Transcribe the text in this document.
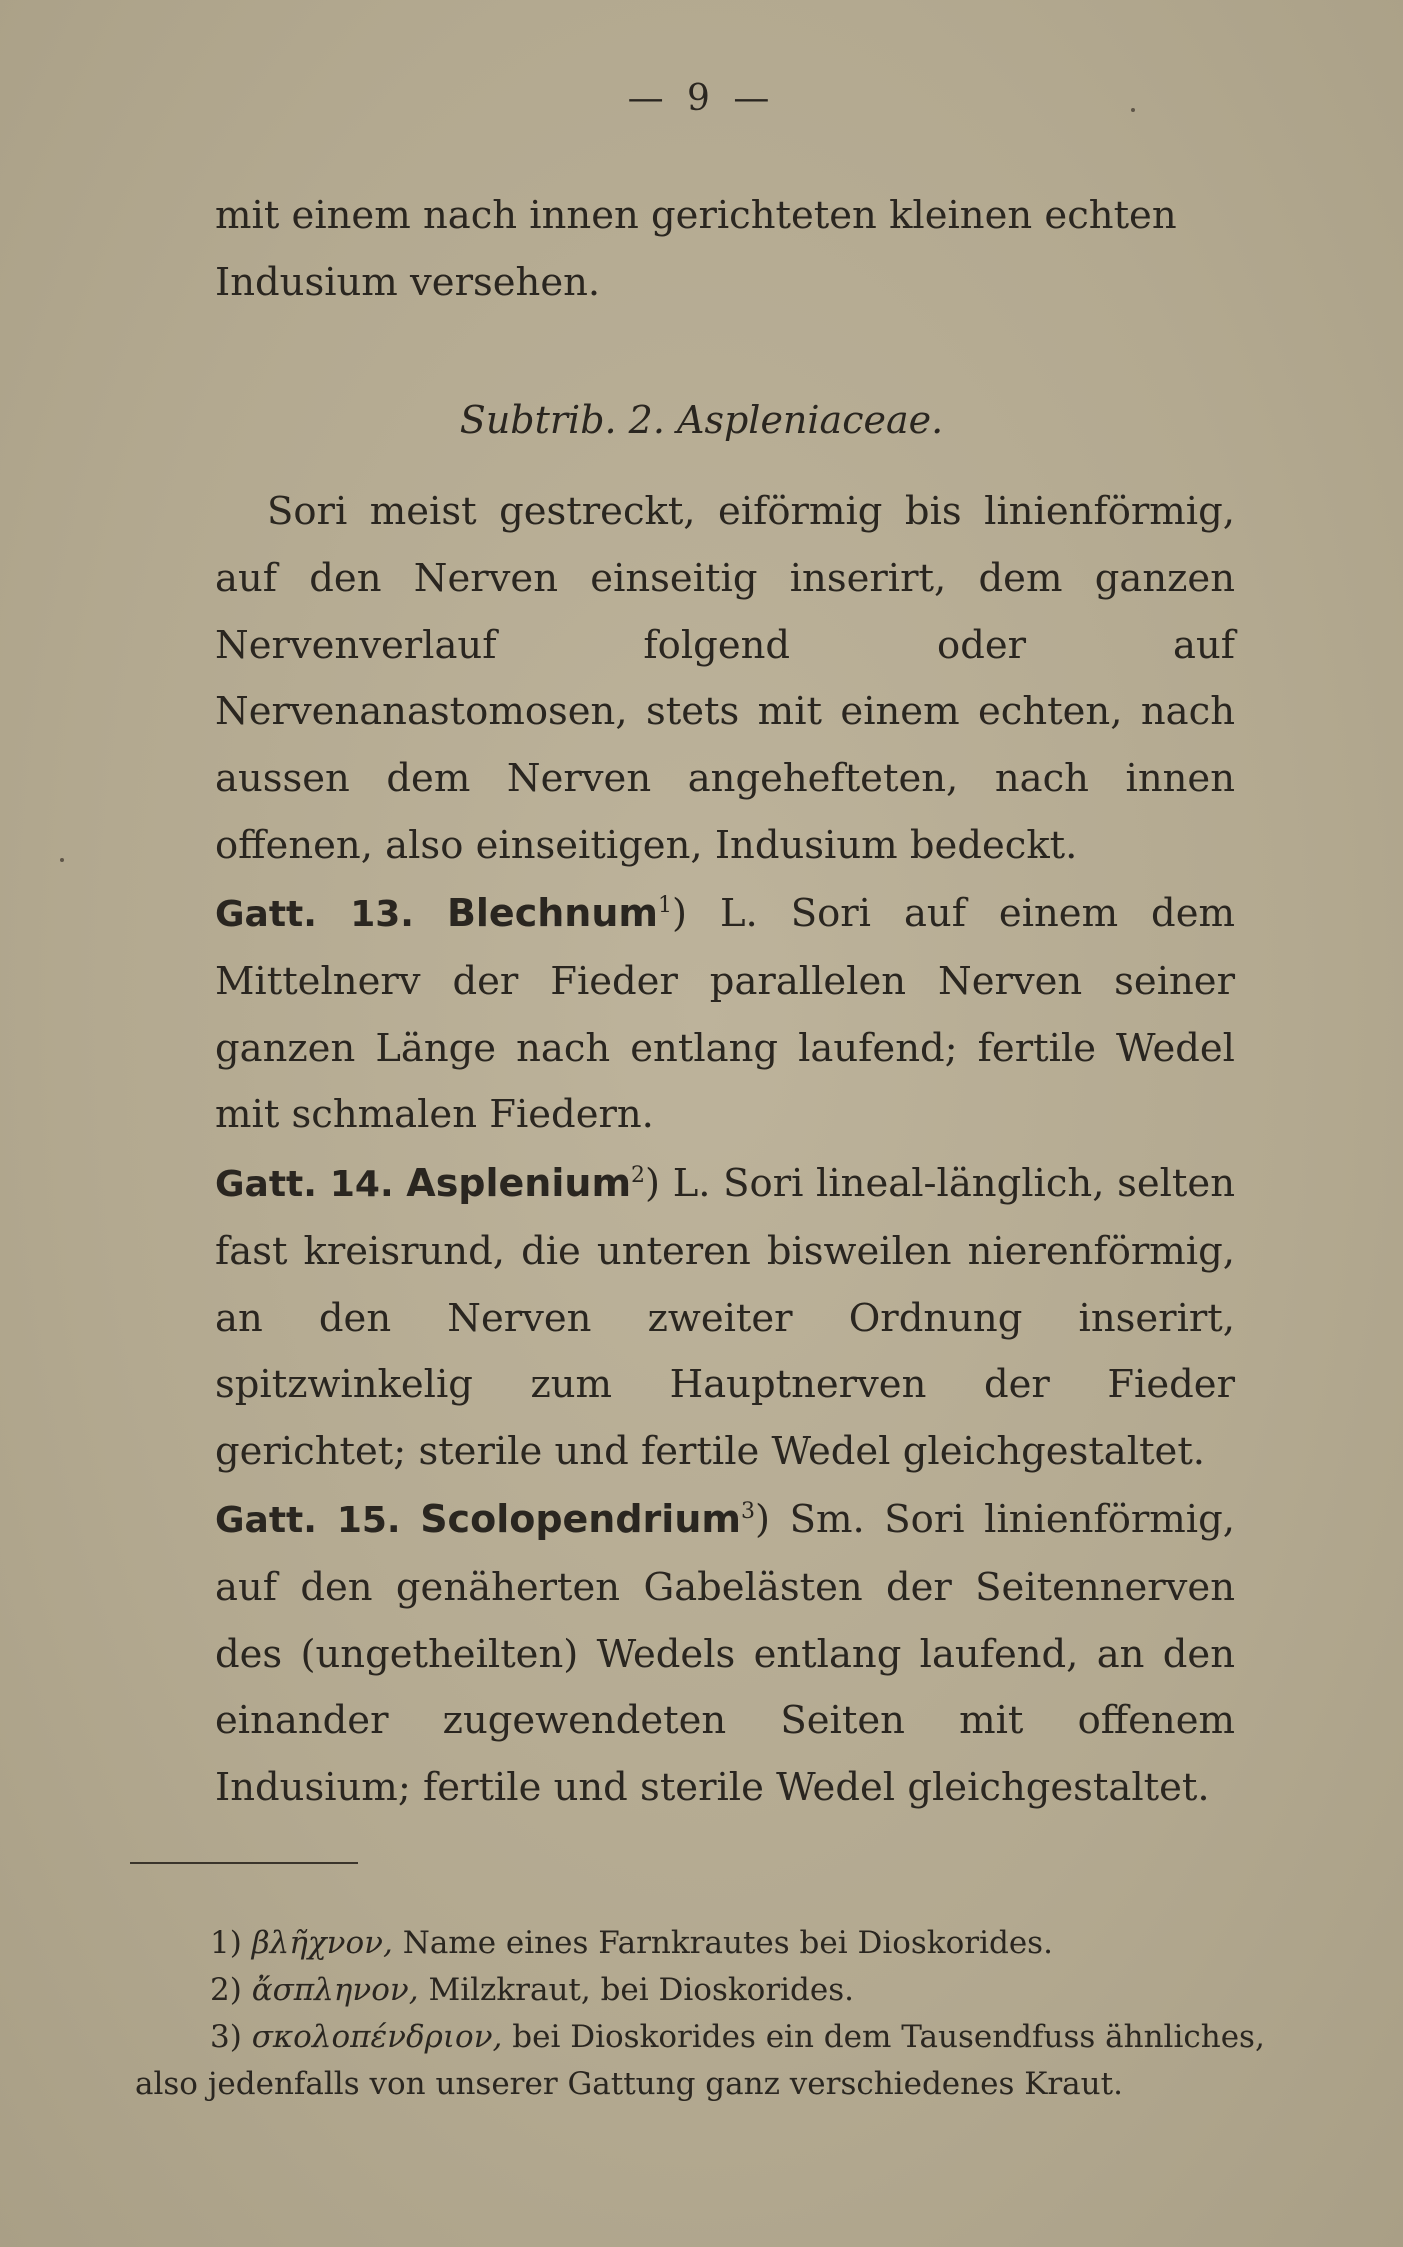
— 9 —

mit einem nach innen gerichteten kleinen echten

Indusium versehen.

Subtrib. 2. Aspleniaceae.

Sori meist gestreckt, eiförmig bis linienförmig, auf den Nerven einseitig inserirt, dem ganzen Nervenverlauf folgend oder auf Nervenanastomosen, stets mit einem echten, nach aussen dem Nerven angehefteten, nach innen offenen, also einseitigen, Indusium bedeckt.

Gatt. 13. Blechnum$^1$) L. Sori auf einem dem Mittelnerv der Fieder parallelen Nerven seiner ganzen Länge nach entlang laufend; fertile Wedel mit schmalen Fiedern.

Gatt. 14. Asplenium$^2$) L. Sori lineal-länglich, selten fast kreisrund, die unteren bisweilen nierenförmig, an den Nerven zweiter Ordnung inserirt, spitzwinkelig zum Hauptnerven der Fieder gerichtet; sterile und fertile Wedel gleichgestaltet.

Gatt. 15. Scolopendrium$^3$) Sm. Sori linienförmig, auf den genäherten Gabelästen der Seitennerven des (ungetheilten) Wedels entlang laufend, an den einander zugewendeten Seiten mit offenem Indusium; fertile und sterile Wedel gleichgestaltet.

1) βλῆχνον, Name eines Farnkrautes bei Dioskorides.
2) ἄσπληνον, Milzkraut, bei Dioskorides.
3) σκολοπένδριον, bei Dioskorides ein dem Tausendfuss ähnliches, also jedenfalls von unserer Gattung ganz verschiedenes Kraut.
